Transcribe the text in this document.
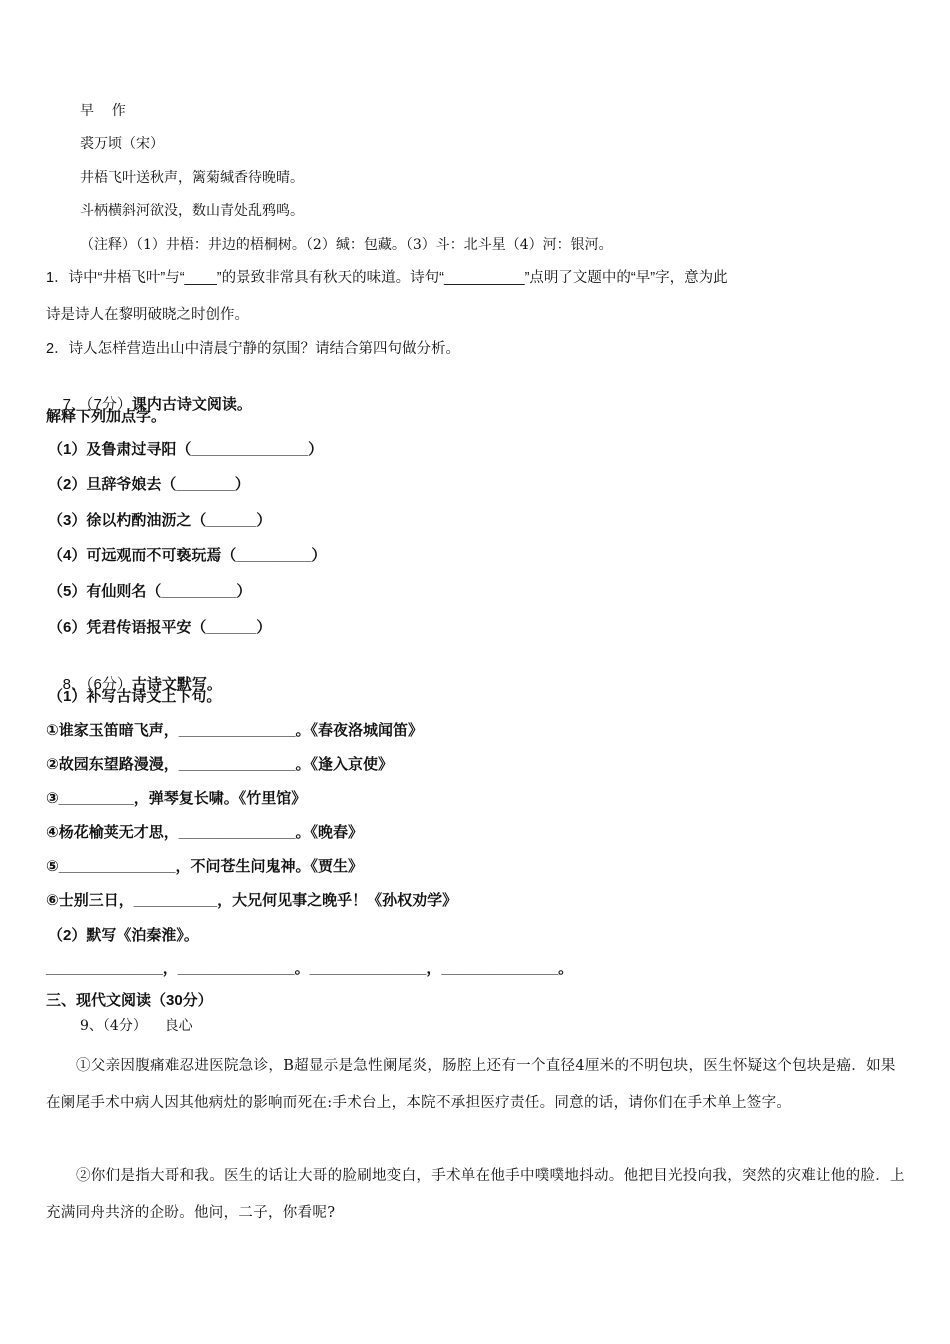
早    作
裘万顷（宋）
井梧飞叶送秋声，篱菊缄香待晚晴。
斗柄横斜河欲没，数山青处乱鸦鸣。
（注释）（1）井梧：井边的梧桐树。（2）缄：包藏。（3）斗：北斗星（4）河：银河。
1．诗中“井梧飞叶”与“____”的景致非常具有秋天的味道。诗句“__________”点明了文题中的“早”字，意为此
诗是诗人在黎明破晓之时创作。
2．诗人怎样营造出山中清晨宁静的氛围？请结合第四句做分析。

7、（7分）课内古诗文阅读。

解释下列加点字。
（1）及鲁肃过寻阳（______________）
（2）旦辞爷娘去（_______）
（3）徐以杓酌油沥之（______）
（4）可远观而不可亵玩焉（_________）
（5）有仙则名（_________）
（6）凭君传语报平安（______）

8、（6分）古诗文默写。

（1）补写古诗文上下句。
①谁家玉笛暗飞声，______________。《春夜洛城闻笛》
②故园东望路漫漫，______________。《逢入京使》
③_________，弹琴复长啸。《竹里馆》
④杨花榆荚无才思，______________。《晚春》
⑤______________，不问苍生问鬼神。《贾生》
⑥士别三日，__________，大兄何见事之晚乎！《孙权劝学》
（2）默写《泊秦淮》。
______________，______________。______________，______________。
三、现代文阅读（30分）
9、（4分）    良心
①父亲因腹痛难忍进医院急诊，B超显示是急性阑尾炎，肠腔上还有一个直径4厘米的不明包块，医生怀疑这个包块是癌．如果在阑尾手术中病人因其他病灶的影响而死在:手术台上，本院不承担医疗责任。同意的话，请你们在手术单上签字。
②你们是指大哥和我。医生的话让大哥的脸刷地变白，手术单在他手中噗噗地抖动。他把目光投向我，突然的灾难让他的脸．上充满同舟共济的企盼。他问，二子，你看呢?
